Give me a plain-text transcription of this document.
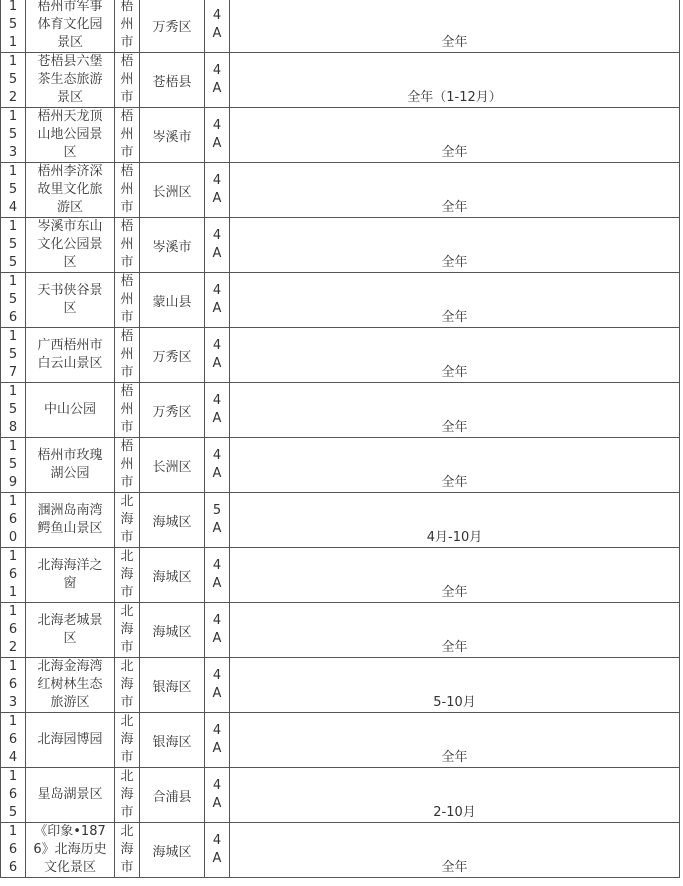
151	梧州市军事体育文化园景区	梧州市	万秀区	4A	全年

152	苍梧县六堡茶生态旅游景区	梧州市	苍梧县	4A	全年（1-12月）

153	梧州天龙顶山地公园景区	梧州市	岑溪市	4A	全年

154	梧州李济深故里文化旅游区	梧州市	长洲区	4A	全年

155	岑溪市东山文化公园景区	梧州市	岑溪市	4A	全年

156	天书侠谷景区	梧州市	蒙山县	4A	全年

157	广西梧州市白云山景区	梧州市	万秀区	4A	全年

158	中山公园	梧州市	万秀区	4A	全年

159	梧州市玫瑰湖公园	梧州市	长洲区	4A	全年

160	涠洲岛南湾鳄鱼山景区	北海市	海城区	5A	4月-10月

161	北海海洋之窗	北海市	海城区	4A	全年

162	北海老城景区	北海市	海城区	4A	全年

163	北海金海湾红树林生态旅游区	北海市	银海区	4A	5-10月

164	北海园博园	北海市	银海区	4A	全年

165	星岛湖景区	北海市	合浦县	4A	2-10月

166	《印象•1876》北海历史文化景区	北海市	海城区	4A	全年
